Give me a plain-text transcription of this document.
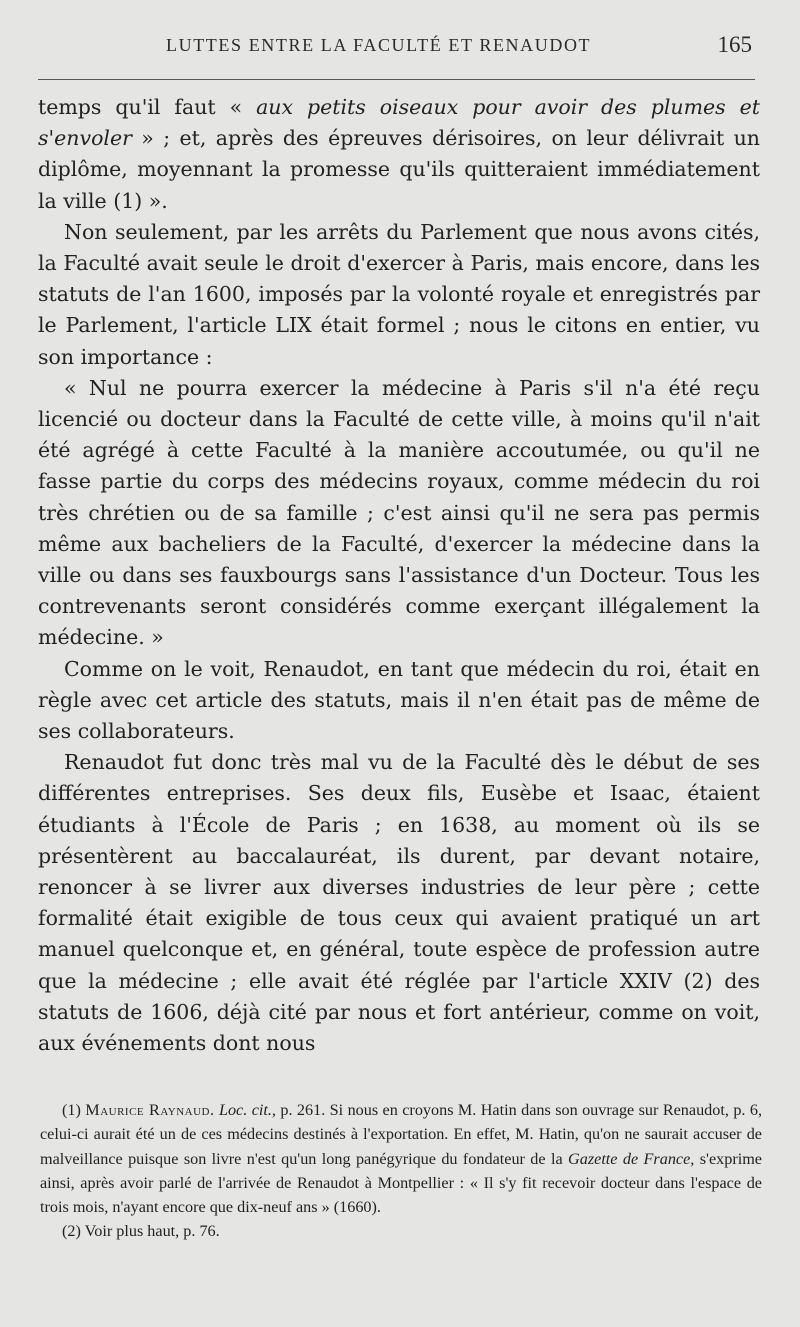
LUTTES ENTRE LA FACULTÉ ET RENAUDOT	165

temps qu'il faut « aux petits oiseaux pour avoir des plumes et s'envoler » ; et, après des épreuves dérisoires, on leur délivrait un diplôme, moyennant la promesse qu'ils quitteraient immédiatement la ville (1) ».

Non seulement, par les arrêts du Parlement que nous avons cités, la Faculté avait seule le droit d'exercer à Paris, mais encore, dans les statuts de l'an 1600, imposés par la volonté royale et enregistrés par le Parlement, l'article LIX était formel ; nous le citons en entier, vu son importance :

« Nul ne pourra exercer la médecine à Paris s'il n'a été reçu licencié ou docteur dans la Faculté de cette ville, à moins qu'il n'ait été agrégé à cette Faculté à la manière accoutumée, ou qu'il ne fasse partie du corps des médecins royaux, comme médecin du roi très chrétien ou de sa famille ; c'est ainsi qu'il ne sera pas permis même aux bacheliers de la Faculté, d'exercer la médecine dans la ville ou dans ses fauxbourgs sans l'assistance d'un Docteur. Tous les contrevenants seront considérés comme exerçant illégalement la médecine. »

Comme on le voit, Renaudot, en tant que médecin du roi, était en règle avec cet article des statuts, mais il n'en était pas de même de ses collaborateurs.

Renaudot fut donc très mal vu de la Faculté dès le début de ses différentes entreprises. Ses deux fils, Eusèbe et Isaac, étaient étudiants à l'École de Paris ; en 1638, au moment où ils se présentèrent au baccalauréat, ils durent, par devant notaire, renoncer à se livrer aux diverses industries de leur père ; cette formalité était exigible de tous ceux qui avaient pratiqué un art manuel quelconque et, en général, toute espèce de profession autre que la médecine ; elle avait été réglée par l'article XXIV (2) des statuts de 1606, déjà cité par nous et fort antérieur, comme on voit, aux événements dont nous

(1) Maurice Raynaud. Loc. cit., p. 261. Si nous en croyons M. Hatin dans son ouvrage sur Renaudot, p. 6, celui-ci aurait été un de ces médecins destinés à l'exportation. En effet, M. Hatin, qu'on ne saurait accuser de malveillance puisque son livre n'est qu'un long panégyrique du fondateur de la Gazette de France, s'exprime ainsi, après avoir parlé de l'arrivée de Renaudot à Montpellier : « Il s'y fit recevoir docteur dans l'espace de trois mois, n'ayant encore que dix-neuf ans » (1660).

(2) Voir plus haut, p. 76.
